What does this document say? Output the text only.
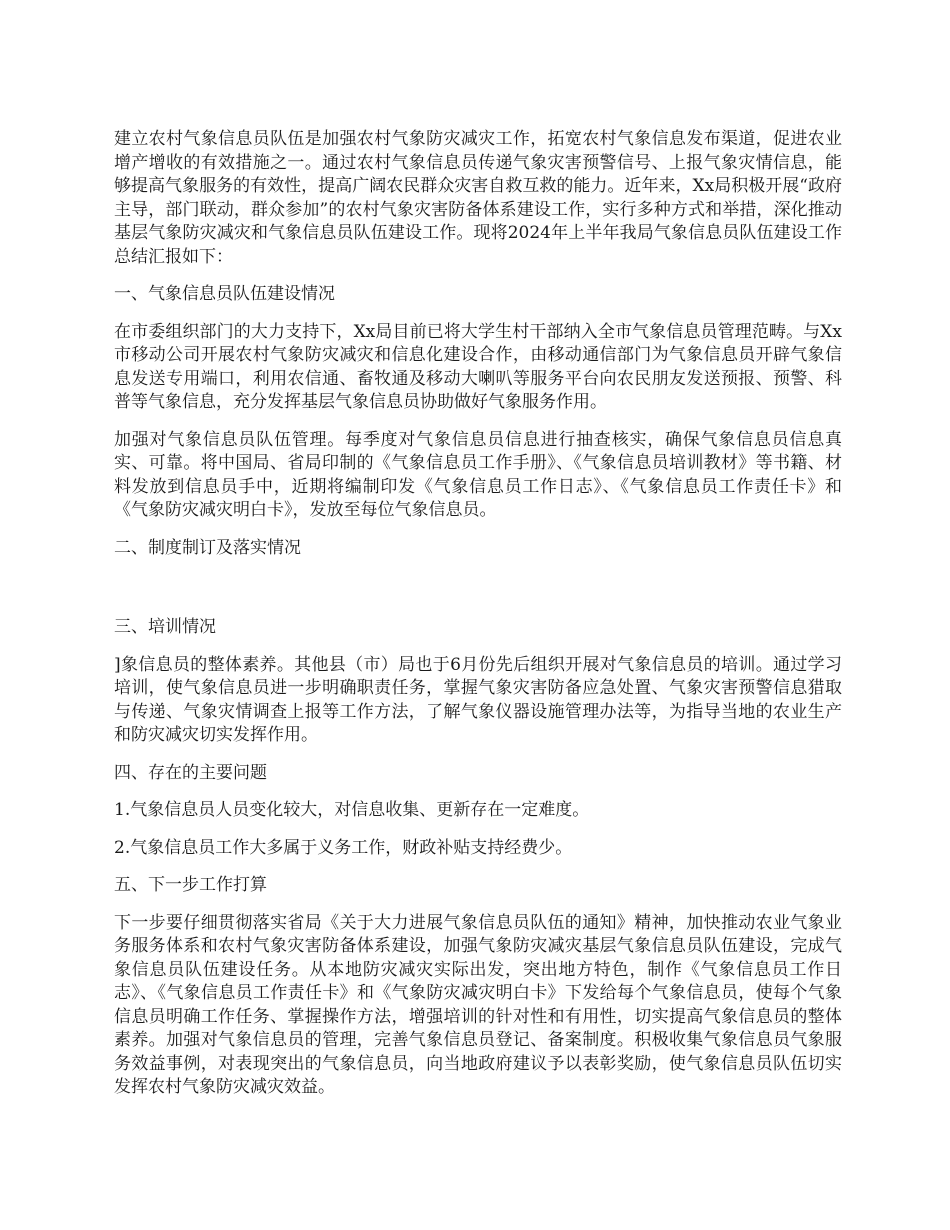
建立农村气象信息员队伍是加强农村气象防灾减灾工作，拓宽农村气象信息发布渠道，促进农业增产增收的有效措施之一。通过农村气象信息员传递气象灾害预警信号、上报气象灾情信息，能够提高气象服务的有效性，提高广阔农民群众灾害自救互救的能力。近年来，Xx局积极开展“政府主导，部门联动，群众参加”的农村气象灾害防备体系建设工作，实行多种方式和举措，深化推动基层气象防灾减灾和气象信息员队伍建设工作。现将2024年上半年我局气象信息员队伍建设工作总结汇报如下：

一、气象信息员队伍建设情况

在市委组织部门的大力支持下，Xx局目前已将大学生村干部纳入全市气象信息员管理范畴。与Xx市移动公司开展农村气象防灾减灾和信息化建设合作，由移动通信部门为气象信息员开辟气象信息发送专用端口，利用农信通、畜牧通及移动大喇叭等服务平台向农民朋友发送预报、预警、科普等气象信息，充分发挥基层气象信息员协助做好气象服务作用。

加强对气象信息员队伍管理。每季度对气象信息员信息进行抽查核实，确保气象信息员信息真实、可靠。将中国局、省局印制的《气象信息员工作手册》、《气象信息员培训教材》等书籍、材料发放到信息员手中，近期将编制印发《气象信息员工作日志》、《气象信息员工作责任卡》和《气象防灾减灾明白卡》，发放至每位气象信息员。

二、制度制订及落实情况

三、培训情况

]象信息员的整体素养。其他县（市）局也于6月份先后组织开展对气象信息员的培训。通过学习培训，使气象信息员进一步明确职责任务，掌握气象灾害防备应急处置、气象灾害预警信息猎取与传递、气象灾情调查上报等工作方法，了解气象仪器设施管理办法等，为指导当地的农业生产和防灾减灾切实发挥作用。

四、存在的主要问题

1.气象信息员人员变化较大，对信息收集、更新存在一定难度。

2.气象信息员工作大多属于义务工作，财政补贴支持经费少。

五、下一步工作打算

下一步要仔细贯彻落实省局《关于大力进展气象信息员队伍的通知》精神，加快推动农业气象业务服务体系和农村气象灾害防备体系建设，加强气象防灾减灾基层气象信息员队伍建设，完成气象信息员队伍建设任务。从本地防灾减灾实际出发，突出地方特色，制作《气象信息员工作日志》、《气象信息员工作责任卡》和《气象防灾减灾明白卡》下发给每个气象信息员，使每个气象信息员明确工作任务、掌握操作方法，增强培训的针对性和有用性，切实提高气象信息员的整体素养。加强对气象信息员的管理，完善气象信息员登记、备案制度。积极收集气象信息员气象服务效益事例，对表现突出的气象信息员，向当地政府建议予以表彰奖励，使气象信息员队伍切实发挥农村气象防灾减灾效益。
